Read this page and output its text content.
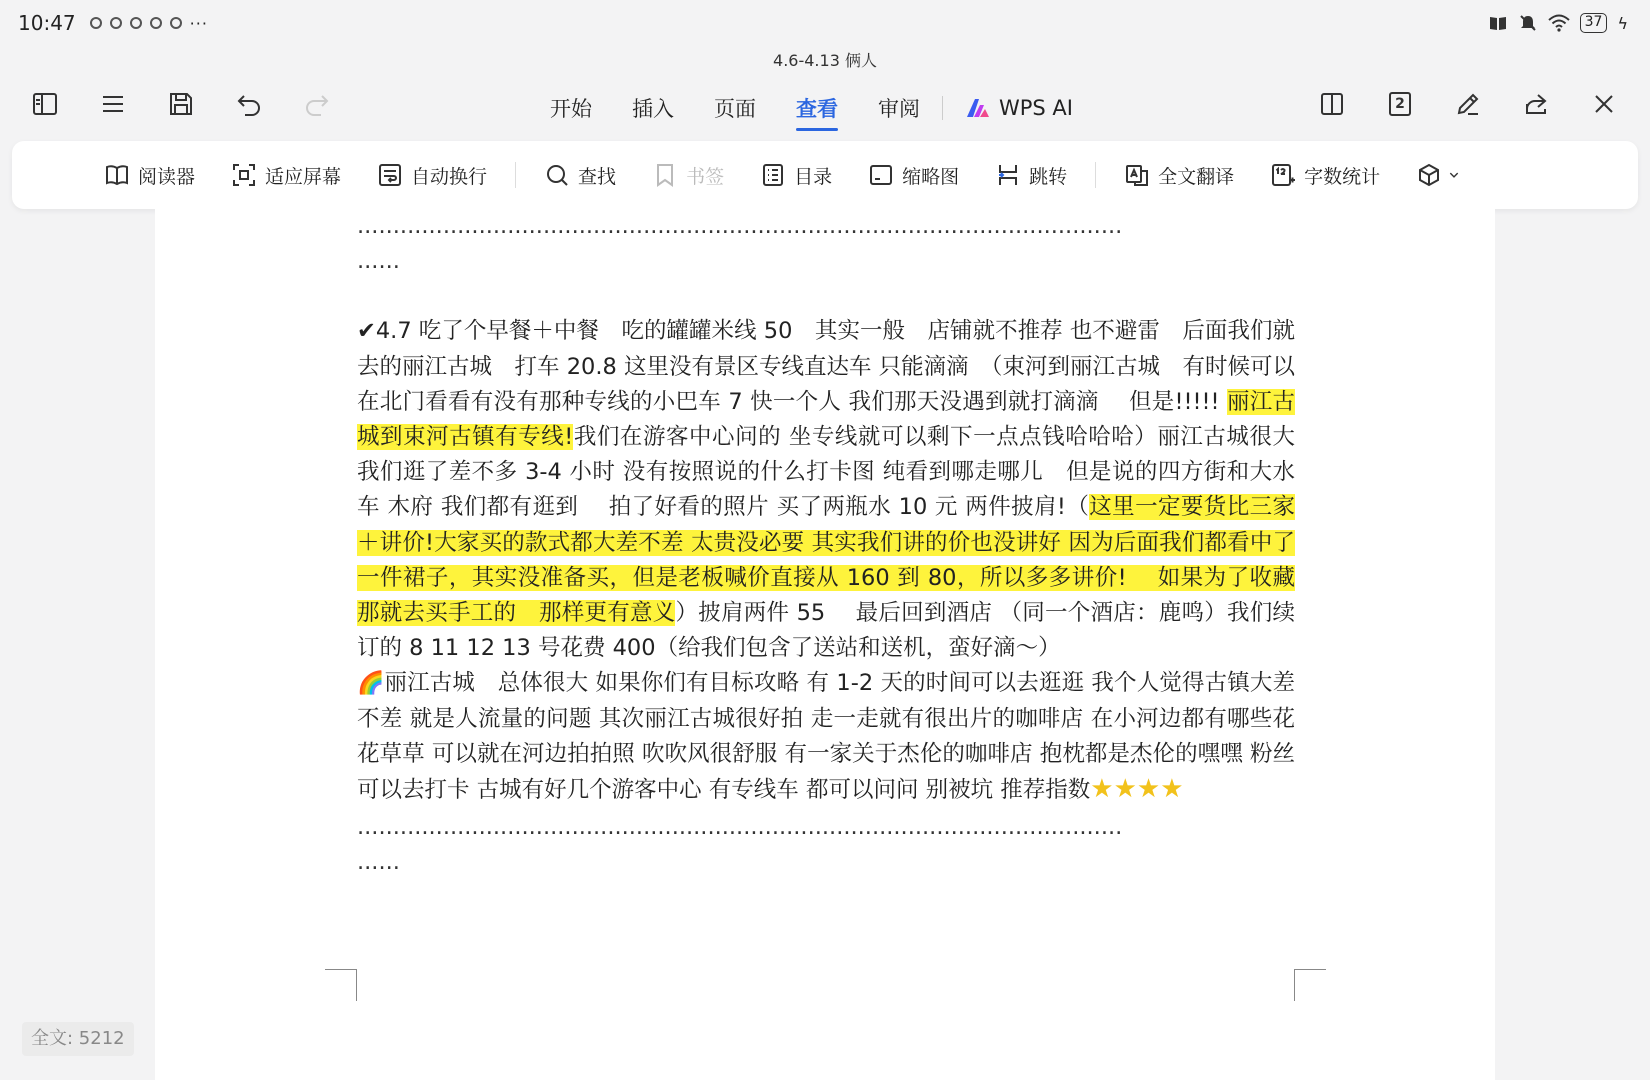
10:47	···	37 ϟ
4.6-4.13 俩人
开始 插入 页面 查看 审阅	WPS AI	2
阅读器	适应屏幕	自动换行	查找	书签	目录	缩略图	跳转	全文翻译	字数统计
...........................................................................................................
......

✔4.7 吃了个早餐＋中餐　吃的罐罐米线 50　其实一般　店铺就不推荐 也不避雷　后面我们就去的丽江古城　打车 20.8 这里没有景区专线直达车 只能滴滴　（束河到丽江古城　有时候可以在北门看看有没有那种专线的小巴车 7 快一个人 我们那天没遇到就打滴滴　 但是!!!!! 丽江古城到束河古镇有专线!我们在游客中心问的 坐专线就可以剩下一点点钱哈哈哈）丽江古城很大 我们逛了差不多 3-4 小时 没有按照说的什么打卡图 纯看到哪走哪儿　但是说的四方街和大水车 木府 我们都有逛到　 拍了好看的照片 买了两瓶水 10 元 两件披肩!（这里一定要货比三家＋讲价!大家买的款式都大差不差 太贵没必要 其实我们讲的价也没讲好 因为后面我们都看中了一件裙子，其实没准备买，但是老板喊价直接从 160 到 80，所以多多讲价!　 如果为了收藏那就去买手工的　那样更有意义）披肩两件 55　 最后回到酒店 （同一个酒店：鹿鸣）我们续订的 8 11 12 13 号花费 400（给我们包含了送站和送机，蛮好滴～）

🌈丽江古城　总体很大 如果你们有目标攻略 有 1-2 天的时间可以去逛逛 我个人觉得古镇大差不差 就是人流量的问题 其次丽江古城很好拍 走一走就有很出片的咖啡店 在小河边都有哪些花花草草 可以就在河边拍拍照 吹吹风很舒服 有一家关于杰伦的咖啡店 抱枕都是杰伦的嘿嘿 粉丝可以去打卡 古城有好几个游客中心 有专线车 都可以问问 别被坑 推荐指数★★★★

...........................................................................................................
......
全文: 5212
